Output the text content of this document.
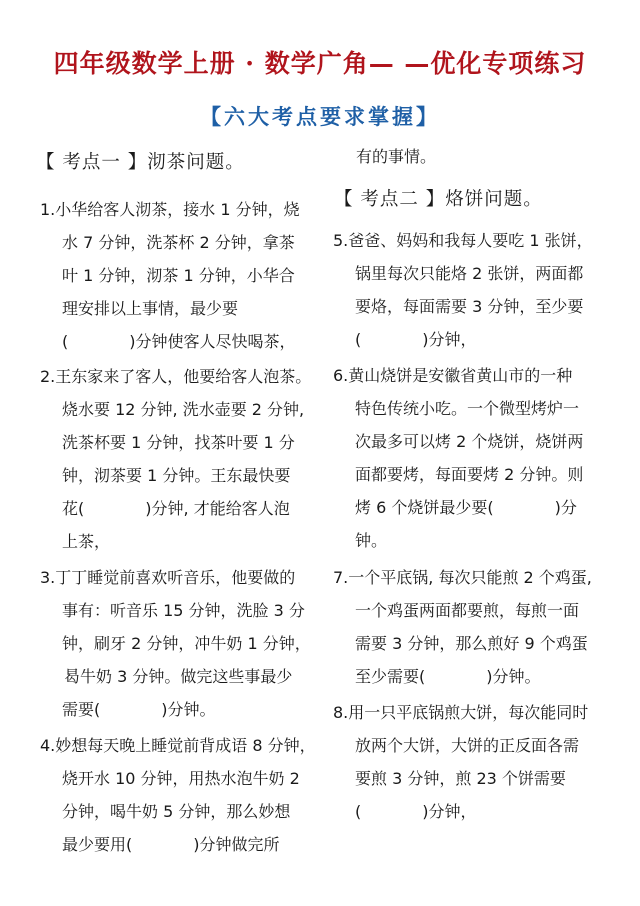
四年级数学上册 · 数学广角— —优化专项练习
【六大考点要求掌握】
【 考点一 】沏茶问题。
1.小华给客人沏茶，接水 1 分钟，烧
水 7 分钟，洗茶杯 2 分钟，拿茶
叶 1 分钟，沏茶 1 分钟，小华合
理安排以上事情，最少要
(            )分钟使客人尽快喝茶，
2.王东家来了客人，他要给客人泡茶。
烧水要 12 分钟, 洗水壶要 2 分钟,
洗茶杯要 1 分钟，找茶叶要 1 分
钟，沏茶要 1 分钟。王东最快要
花(            )分钟, 才能给客人泡
上茶，
3.丁丁睡觉前喜欢听音乐，他要做的
事有：听音乐 15 分钟，洗脸 3 分
钟，刷牙 2 分钟，冲牛奶 1 分钟，
曷牛奶 3 分钟。做完这些事最少
需要(            )分钟。
4.妙想每天晚上睡觉前背成语 8 分钟，
烧开水 10 分钟，用热水泡牛奶 2
分钟，喝牛奶 5 分钟，那么妙想
最少要用(            )分钟做完所
有的事情。
【 考点二 】烙饼问题。
5.爸爸、妈妈和我每人要吃 1 张饼，
锅里每次只能烙 2 张饼，两面都
要烙，每面需要 3 分钟，至少要
(            )分钟，
6.黄山烧饼是安徽省黄山市的一种
特色传统小吃。一个微型烤炉一
次最多可以烤 2 个烧饼，烧饼两
面都要烤，每面要烤 2 分钟。则
烤 6 个烧饼最少要(            )分
钟。
7.一个平底锅, 每次只能煎 2 个鸡蛋,
一个鸡蛋两面都要煎，每煎一面
需要 3 分钟，那么煎好 9 个鸡蛋
至少需要(            )分钟。
8.用一只平底锅煎大饼，每次能同时
放两个大饼，大饼的正反面各需
要煎 3 分钟，煎 23 个饼需要
(            )分钟，
